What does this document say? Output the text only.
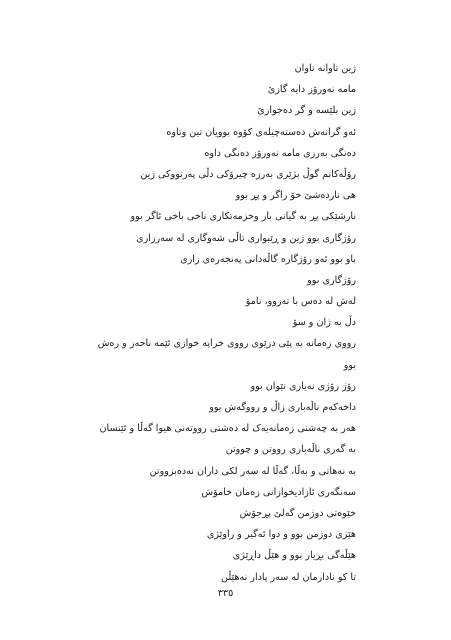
ژین تاوانە تاوان
مامە نەورۆز دایە گازێ
ژین بلێسە و گر دەخوازێ
ئەو گرانەش دەستەچیلەی کۆوە بوویان تین وتاوە
دەنگی بەرزی مامە نەورۆز دەنگی داوە
رۆڵەکانم گوڵ بژێری بەرزە چیرۆکی دڵی پەرتووکی ژین
هی ناردەشێ خۆ راگر و پڕ بوو
نارشێکی پڕ بە گیانی بار وخزمەتکاری ناخی باخی ئاگر بوو
رۆژگاری بوو ژین و ڕێبواری تاڵی شەوگاری لە سەرزاری
باو بوو ئەو رۆژگارە گاڵەدانی پەنجەرەی زاری
رۆژگاری بوو
لەش لە دەس با تەزوو، نامۆ
دڵ بە ژان و سۆ
رووی زەمانە بە پێی دزێوی رووی خراپە خوازی ئێمە ناحەز و رەش
بوو
رۆژ رۆژی نەیاری نێوان بوو
داخەکەم ناڵەباری زاڵ و رووگەش بوو
هەر بە چەشنی زەمانەیەک لە دەشتی رووتەنی هیوا گەڵا و ئێنسان
بە گەری ناڵەباری رووتن و چووتن
بە نەهاتی و بەڵا، گەڵا لە سەر لکی داران نەدەبزووتن
سەنگەری ئازادیخوازانی زەمان خامۆش
خێوەتی دوژمن گەلێ پڕجۆش
هێزی دوژمن بوو و دوا ئەگیر و راوێژی
هێڵەگی بڕیار بوو و هێڵ داڕێژی
تا کو نادارمان لە سەر پادار نەهێڵن
٣٣٥
